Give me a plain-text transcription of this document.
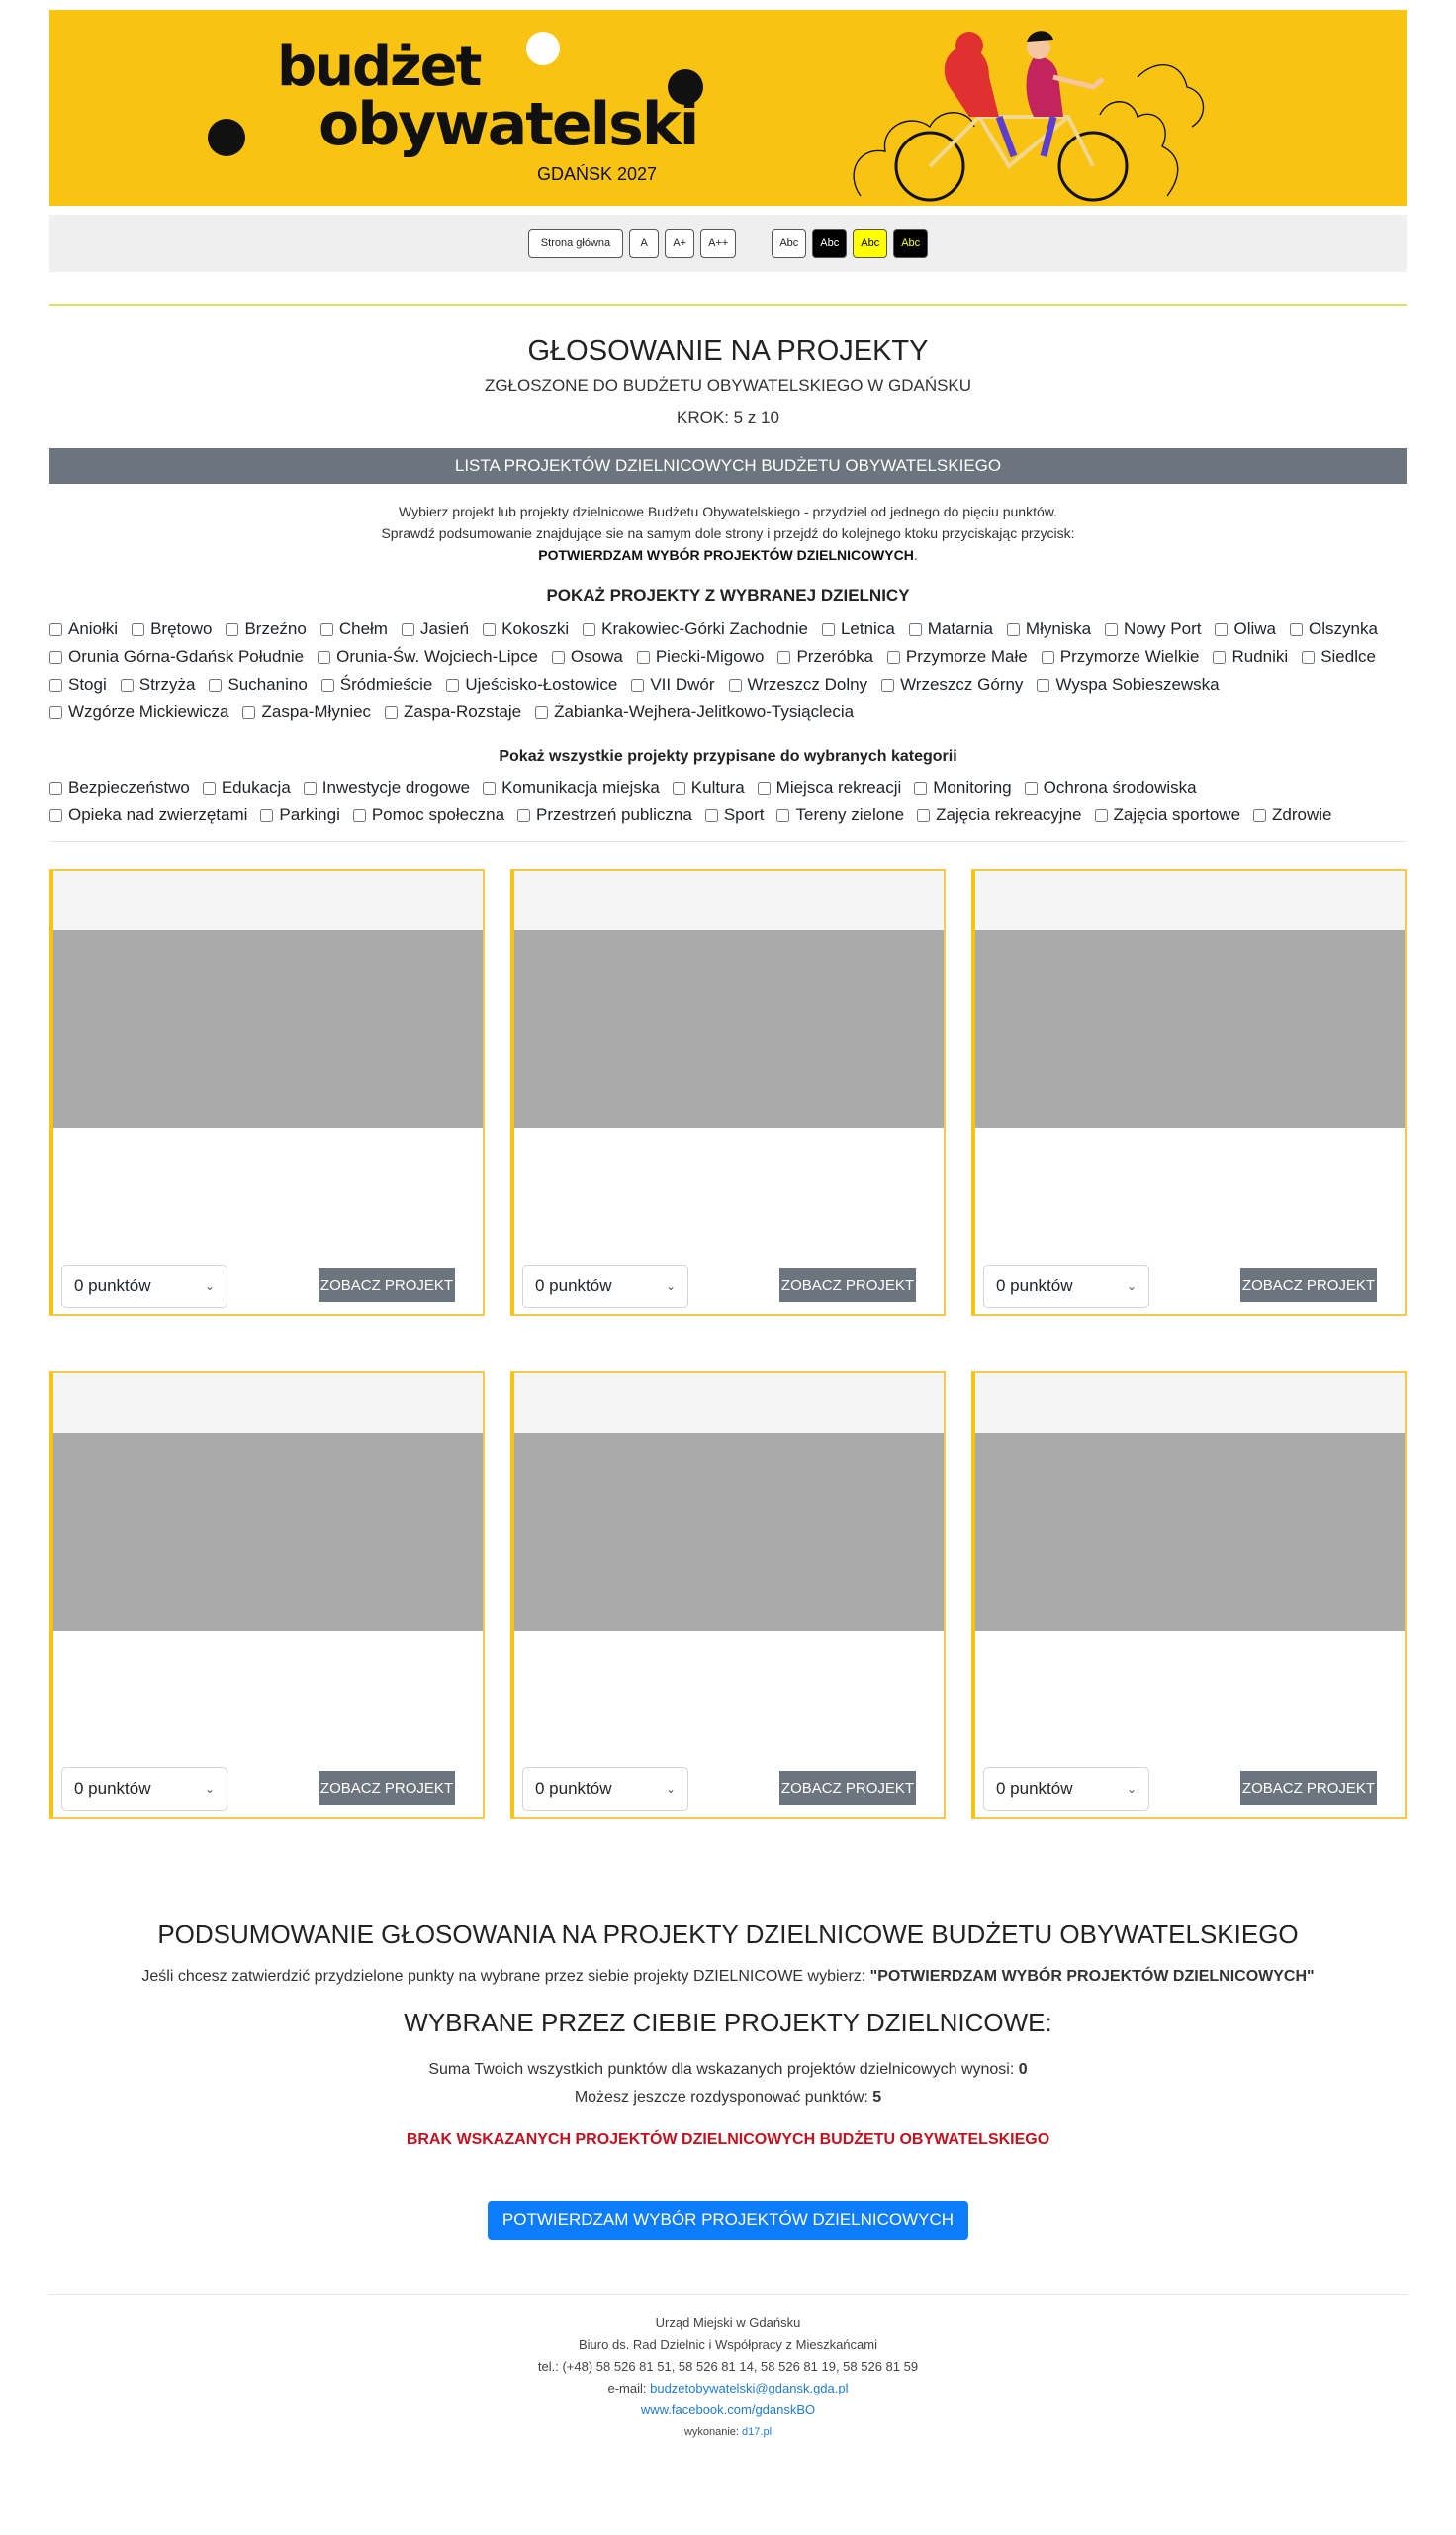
budżet
obywatelski
GDAŃSK 2027
Strona główna	A	A+	A++	Abc	Abc	Abc	Abc
GŁOSOWANIE NA PROJEKTY
ZGŁOSZONE DO BUDŻETU OBYWATELSKIEGO W GDAŃSKU
KROK: 5 z 10
LISTA PROJEKTÓW DZIELNICOWYCH BUDŻETU OBYWATELSKIEGO
Wybierz projekt lub projekty dzielnicowe Budżetu Obywatelskiego - przydziel od jednego do pięciu punktów.
Sprawdź podsumowanie znajdujące sie na samym dole strony i przejdź do kolejnego ktoku przyciskając przycisk:
POTWIERDZAM WYBÓR PROJEKTÓW DZIELNICOWYCH.
POKAŻ PROJEKTY Z WYBRANEJ DZIELNICY
Aniołki Brętowo Brzeźno Chełm Jasień Kokoszki Krakowiec-Górki Zachodnie Letnica Matarnia Młyniska Nowy Port Oliwa Olszynka
Orunia Górna-Gdańsk Południe Orunia-Św. Wojciech-Lipce Osowa Piecki-Migowo Przeróbka Przymorze Małe Przymorze Wielkie Rudniki Siedlce
Stogi Strzyża Suchanino Śródmieście Ujeścisko-Łostowice VII Dwór Wrzeszcz Dolny Wrzeszcz Górny Wyspa Sobieszewska
Wzgórze Mickiewicza Zaspa-Młyniec Zaspa-Rozstaje Żabianka-Wejhera-Jelitkowo-Tysiąclecia
Pokaż wszystkie projekty przypisane do wybranych kategorii
Bezpieczeństwo Edukacja Inwestycje drogowe Komunikacja miejska Kultura Miejsca rekreacji Monitoring Ochrona środowiska
Opieka nad zwierzętami Parkingi Pomoc społeczna Przestrzeń publiczna Sport Tereny zielone Zajęcia rekreacyjne Zajęcia sportowe Zdrowie
0 punktów	⌄	ZOBACZ PROJEKT	0 punktów	⌄	ZOBACZ PROJEKT	0 punktów	⌄	ZOBACZ PROJEKT
0 punktów	⌄	ZOBACZ PROJEKT	0 punktów	⌄	ZOBACZ PROJEKT	0 punktów	⌄	ZOBACZ PROJEKT
PODSUMOWANIE GŁOSOWANIA NA PROJEKTY DZIELNICOWE BUDŻETU OBYWATELSKIEGO
Jeśli chcesz zatwierdzić przydzielone punkty na wybrane przez siebie projekty DZIELNICOWE wybierz: "POTWIERDZAM WYBÓR PROJEKTÓW DZIELNICOWYCH"
WYBRANE PRZEZ CIEBIE PROJEKTY DZIELNICOWE:
Suma Twoich wszystkich punktów dla wskazanych projektów dzielnicowych wynosi: 0
Możesz jeszcze rozdysponować punktów: 5
BRAK WSKAZANYCH PROJEKTÓW DZIELNICOWYCH BUDŻETU OBYWATELSKIEGO
POTWIERDZAM WYBÓR PROJEKTÓW DZIELNICOWYCH
Urząd Miejski w Gdańsku
Biuro ds. Rad Dzielnic i Współpracy z Mieszkańcami
tel.: (+48) 58 526 81 51, 58 526 81 14, 58 526 81 19, 58 526 81 59
e-mail: budzetobywatelski@gdansk.gda.pl
www.facebook.com/gdanskBO
wykonanie: d17.pl
